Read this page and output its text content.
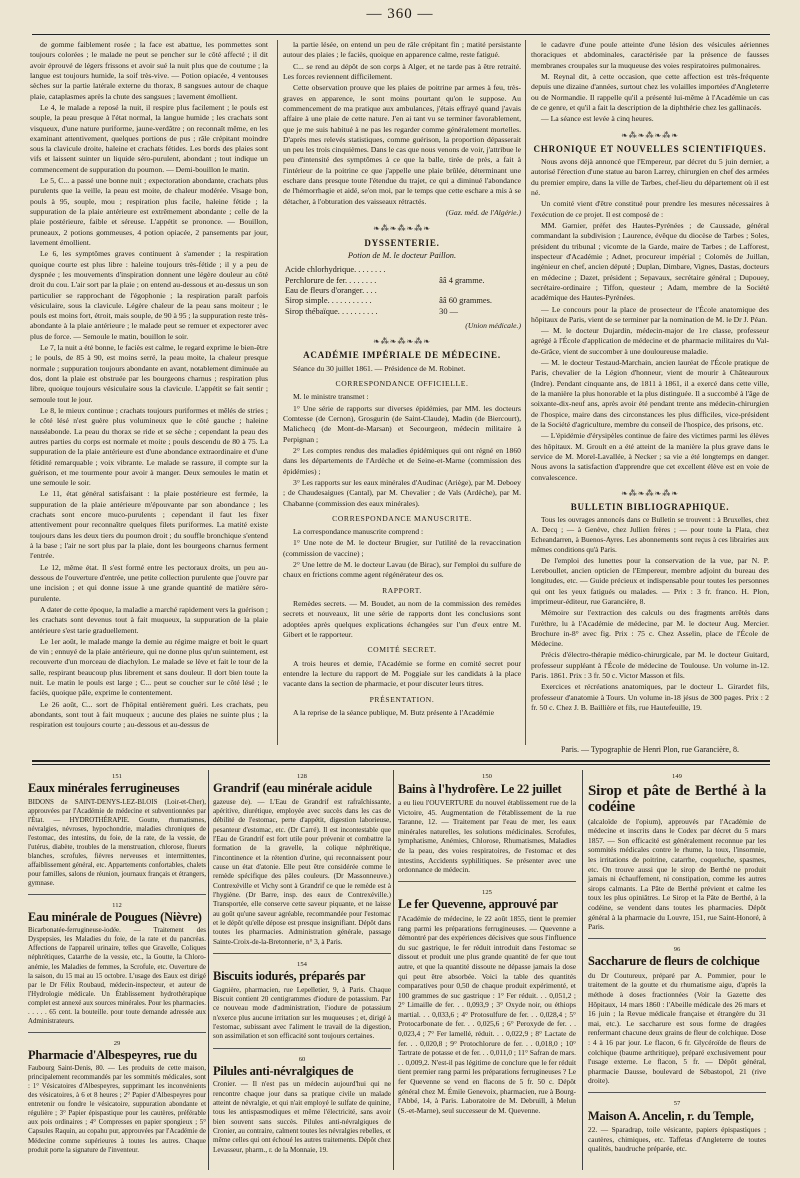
— 360 —

de gomme faiblement rosée ; la face est abattue, les pommettes sont toujours colorées ; le malade ne peut se pencher sur le côté affecté ; il dit avoir éprouvé de légers frissons et avoir sué la nuit plus que de coutume ; la langue est toujours humide, la soif très-vive. — Potion opiacée, 4 ventouses sèches sur la partie latérale externe du thorax, 8 sangsues autour de chaque plaie, cataplasmes après la chute des sangsues ; lavement émollient.

Le 4, le malade a reposé la nuit, il respire plus facilement ; le pouls est souple, la peau presque à l'état normal, la langue humide ; les crachats sont visqueux, d'une nature puriforme, jaune-verdâtre ; on reconnaît même, en les examinant attentivement, quelques portions de pus ; râle crépitant moindre sous la clavicule droite, haleine et crachats fétides. Les bords des plaies sont vifs et laissent suinter un liquide séro-purulent, abondant ; tout indique un commencement de suppuration du poumon. — Demi-bouillon le matin.

Le 5, C... a passé une bonne nuit ; expectoration abondante, crachats plus purulents que la veille, la peau est moite, de chaleur modérée. Visage bon, pouls à 95, souple, mou ; respiration plus facile, haleine fétide ; la suppuration de la plaie antérieure est extrêmement abondante ; celle de la plaie postérieure, faible et séreuse. L'appétit se prononce. — Bouillon, pruneaux, 2 potions gommeuses, 4 potion opiacée, 2 pansements par jour, lavement émollient.

Le 6, les symptômes graves continuent à s'amender ; la respiration quoique courte est plus libre : haleine toujours très-fétide ; il y a peu de dyspnée ; les mouvements d'inspiration donnent une légère douleur au côté droit du cou. L'air sort par la plaie ; on entend au-dessous et au-dessus un son particulier se rapprochant de l'égophonie ; la respiration paraît parfois vésiculaire, sous la clavicule. Légère chaleur de la peau sans moiteur ; le pouls est moins fort, étroit, mais souple, de 90 à 95 ; la suppuration reste très-abondante à la plaie antérieure ; le malade peut se remuer et expectorer avec plus de force. — Semoule le matin, bouillon le soir.

Le 7, la nuit a été bonne, le faciès est calme, le regard exprime le bien-être ; le pouls, de 85 à 90, est moins serré, la peau moite, la chaleur presque normale ; suppuration toujours abondante en avant, notablement diminuée au dos, dont la plaie est obstruée par les bourgeons charnus ; respiration plus libre, quoique toujours vésiculaire sous la clavicule. L'appétit se fait sentir ; semoule tout le jour.

Le 8, le mieux continue ; crachats toujours puriformes et mêlés de stries ; le côté lésé n'est guère plus volumineux que le côté gauche ; haleine nauséabonde. La peau du thorax se ride et se sèche ; cependant la peau des autres parties du corps est normale et moite ; pouls descendu de 80 à 75. La suppuration de la plaie antérieure est d'une abondance extraordinaire et d'une fétidité remarquable ; voix vibrante. Le malade se rassure, il compte sur la guérison, et me tourmente pour avoir à manger. Deux semoules le matin et une semoule le soir.

Le 11, état général satisfaisant : la plaie postérieure est fermée, la suppuration de la plaie antérieure m'épouvante par son abondance ; les crachats sont encore muco-purulents ; cependant il faut les fixer attentivement pour reconnaître quelques filets puriformes. La matité existe toujours dans les deux tiers du poumon droit ; du souffle bronchique s'entend à la base ; l'air ne sort plus par la plaie, dont les bourgeons charnus ferment l'entrée.

Le 12, même état. Il s'est formé entre les pectoraux droits, un peu au-dessous de l'ouverture d'entrée, une petite collection purulente que j'ouvre par une incision ; et qui donne issue à une grande quantité de matière séro-purulente.

A dater de cette époque, la maladie a marché rapidement vers la guérison ; les crachats sont devenus tout à fait muqueux, la suppuration de la plaie antérieure s'est tarie graduellement.

Le 1er août, le malade mange la demie au régime maigre et boit le quart de vin ; ennuyé de la plaie antérieure, qui ne donne plus qu'un suintement, est recouverte d'un morceau de diachylon. Le malade se lève et fait le tour de la salle, respirant beaucoup plus librement et sans douleur. Il dort bien toute la nuit. Le matin le pouls est large ; C... peut se coucher sur le côté lésé ; le faciès, quoique pâle, exprime le contentement.

Le 26 août, C... sort de l'hôpital entièrement guéri. Les crachats, peu abondants, sont tout à fait muqueux ; aucune des plaies ne suinte plus ; la respiration est toujours courte ; au-dessous et au-dessus de

la partie lésée, on entend un peu de râle crépitant fin ; matité persistante autour des plaies ; le faciès, quoique en apparence calme, reste fatigué.

C... se rend au dépôt de son corps à Alger, et ne tarde pas à être retraité. Les forces reviennent difficilement.

Cette observation prouve que les plaies de poitrine par armes à feu, très-graves en apparence, le sont moins pourtant qu'on le suppose. Au commencement de ma pratique aux ambulances, j'étais effrayé quand j'avais affaire à une plaie de cette nature. J'en ai tant vu se terminer favorablement, que je me suis habitué à ne pas les regarder comme généralement mortelles. D'après mes relevés statistiques, comme guérison, la proportion dépasserait un peu les trois cinquièmes. Dans le cas que nous venons de voir, j'attribue le peu d'intensité des symptômes à ce que la balle, tirée de près, a fait à l'intérieur de la poitrine ce que j'appelle une plaie brûlée, déterminant une eschare dans presque toute l'étendue du trajet, ce qui a diminué l'abondance de l'hémorrhagie et aidé, se'on moi, par le temps que cette eschare a mis à se détacher, à l'obturation des vaisseaux rétractés.

(Gaz. méd. de l'Algérie.)

❧⁂❧⁂❧⁂❧
DYSSENTERIE.
Potion de M. le docteur Paillon.
Acide chlorhydrique. . . . . . . .	
Perchlorure de fer. . . . . . . .	ââ 4 gramme.
Eau de fleurs d'oranger. . . .	
Sirop simple. . . . . . . . . . .	ââ 60 grammes.
Sirop thébaïque. . . . . . . . . .	30 —

(Union médicale.)

❧⁂❧⁂❧⁂❧
ACADÉMIE IMPÉRIALE DE MÉDECINE.

Séance du 30 juillet 1861. — Présidence de M. Robinet.

CORRESPONDANCE OFFICIELLE.

M. le ministre transmet :

1° Une série de rapports sur diverses épidémies, par MM. les docteurs Comtesse (de Cernon), Grosgurin (de Saint-Claude), Madin (de Biercourt), Malichecq (de Mont-de-Marsan) et Secourgeon, médecin militaire à Perpignan ;

2° Les comptes rendus des maladies épidémiques qui ont régné en 1860 dans les départements de l'Ardèche et de Seine-et-Marne (commission des épidémies) ;

3° Les rapports sur les eaux minérales d'Audinac (Ariège), par M. Deboey ; de Chaudesaigues (Cantal), par M. Chevalier ; de Vals (Ardèche), par M. Chabanne (commission des eaux minérales).

CORRESPONDANCE MANUSCRITE.

La correspondance manuscrite comprend :

1° Une note de M. le docteur Brugier, sur l'utilité de la revaccination (commission de vaccine) ;

2° Une lettre de M. le docteur Lavau (de Birac), sur l'emploi du sulfure de chaux en frictions comme agent régénérateur des os.

RAPPORT.

Remèdes secrets. — M. Boudet, au nom de la commission des remèdes secrets et nouveaux, lit une série de rapports dont les conclusions sont adoptées après quelques explications échangées sur l'un d'eux entre M. Gibert et le rapporteur.

COMITÉ SECRET.

A trois heures et demie, l'Académie se forme en comité secret pour entendre la lecture du rapport de M. Poggiale sur les candidats à la place vacante dans la section de pharmacie, et pour discuter leurs titres.

PRÉSENTATION.

A la reprise de la séance publique, M. Butz présente à l'Académie

le cadavre d'une poule atteinte d'une lésion des vésicules aériennes thoraciques et abdominales, caractérisée par la présence de fausses membranes croupales sur la muqueuse des voies respiratoires pulmonaires.

M. Reynal dit, à cette occasion, que cette affection est très-fréquente depuis une dizaine d'années, surtout chez les volailles importées d'Angleterre ou de Normandie. Il rappelle qu'il a présenté lui-même à l'Académie un cas de ce genre, et qu'il a fait la description de la diphthérie chez les gallinacés.

— La séance est levée à cinq heures.

❧⁂❧⁂❧⁂❧
CHRONIQUE ET NOUVELLES SCIENTIFIQUES.

Nous avons déjà annoncé que l'Empereur, par décret du 5 juin dernier, a autorisé l'érection d'une statue au baron Larrey, chirurgien en chef des armées du premier empire, dans la ville de Tarbes, chef-lieu du département où il est né.

Un comité vient d'être constitué pour prendre les mesures nécessaires à l'exécution de ce projet. Il est composé de :

MM. Garnier, préfet des Hautes-Pyrénées ; de Caussade, général commandant la subdivision ; Laurence, évêque du diocèse de Tarbes ; Soles, président du tribunal ; vicomte de la Garde, maire de Tarbes ; de Lafforest, inspecteur d'Académie ; Adnet, procureur impérial ; Colomès de Juillan, ingénieur en chef, ancien député ; Duplan, Dimbare, Vignes, Dastas, docteurs en médecine ; Dazet, président ; Sepavaux, secrétaire général ; Dupouey, secrétaire-ordinaire ; Tiffon, questeur ; Adam, membre de la Société académique des Hautes-Pyrénées.

— Le concours pour la place de prosecteur de l'École anatomique des hôpitaux de Paris, vient de se terminer par la nomination de M. le Dr J. Péan.

— M. le docteur Dujardin, médecin-major de 1re classe, professeur agrégé à l'École d'application de médecine et de pharmacie militaires du Val-de-Grâce, vient de succomber à une douloureuse maladie.

— M. le docteur Testaud-Marchain, ancien lauréat de l'École pratique de Paris, chevalier de la Légion d'honneur, vient de mourir à Châteauroux (Indre). Pendant cinquante ans, de 1811 à 1861, il a exercé dans cette ville, de la manière la plus honorable et la plus distinguée. Il a succombé à l'âge de soixante-dix-neuf ans, après avoir été pendant trente ans médecin-chirurgien de l'hospice, maire dans des circonstances les plus difficiles, vice-président de la Société d'agriculture, membre du conseil de l'hospice, des prisons, etc.

— L'épidémie d'érysipèles continue de faire des victimes parmi les élèves des hôpitaux. M. Groult en a été atteint de la manière la plus grave dans le service de M. Morel-Lavallée, à Necker ; sa vie a été longtemps en danger. Nous avons la satisfaction d'apprendre que cet excellent élève est en voie de convalescence.

❧⁂❧⁂❧⁂❧
BULLETIN BIBLIOGRAPHIQUE.

Tous les ouvrages annoncés dans ce Bulletin se trouvent : à Bruxelles, chez A. Decq ; — à Genève, chez Jullien frères ; — pour toute la Plata, chez Echeandarren, à Buenos-Ayres. Les abonnements sont reçus à ces librairies aux mêmes conditions qu'à Paris.

De l'emploi des lunettes pour la conservation de la vue, par N. P. Lereboullet, ancien opticien de l'Empereur, membre adjoint du bureau des longitudes, etc. — Guide précieux et indispensable pour toutes les personnes qui ont les yeux fatigués ou malades. — Prix : 3 fr. franco. H. Plon, imprimeur-éditeur, rue Garancière, 8.

Mémoire sur l'extraction des calculs ou des fragments arrêtés dans l'urèthre, lu à l'Académie de médecine, par M. le docteur Aug. Mercier. Brochure in-8° avec fig. Prix : 75 c. Chez Asselin, place de l'École de Médecine.

Précis d'électro-thérapie médico-chirurgicale, par M. le docteur Guitard, professeur suppléant à l'École de médecine de Toulouse. Un volume in-12. Paris. 1861. Prix : 3 fr. 50 c. Victor Masson et fils.

Exercices et récréations anatomiques, par le docteur L. Girardet fils, professeur d'anatomie à Tours. Un volume in-18 jésus de 300 pages. Prix : 2 fr. 50 c. Chez J. B. Baillière et fils, rue Hautefeuille, 19.

Paris. — Typographie de Henri Plon, rue Garancière, 8.
151
Eaux minérales ferrugineuses

BIDONS de SAINT-DENYS-LEZ-BLOIS (Loir-et-Cher), approuvées par l'Académie de médecine et subventionnées par l'État. — HYDROTHÉRAPIE. Goutte, rhumatismes, névralgies, névroses, hypochondrie, maladies chroniques de l'estomac, des intestins, du foie, de la rate, de la vessie, de l'utérus, diabète, troubles de la menstruation, chlorose, flueurs blanches, scrofules, fièvres nerveuses et intermittentes, affaiblissement général, etc. Appartements confortables, chalets pour familles, salons de réunion, journaux français et étrangers, gymnase.

112
Eau minérale de Pougues (Nièvre)

Bicarbonatée-ferrugineuse-iodée. — Traitement des Dyspepsies, les Maladies du foie, de la rate et du pancréas. Affections de l'appareil urinaire, telles que Gravelle, Coliques néphrétiques, Catarrhe de la vessie, etc., la Goutte, la Chloro-anémie, les Maladies de femmes, la Scrofule, etc. Ouverture de la saison, du 15 mai au 15 octobre. L'usage des Eaux est dirigé par le Dr Félix Roubaud, médecin-inspecteur, et auteur de l'Hydrologie médicale. Un Établissement hydrothérapique complet est annexé aux sources minérales. Pour les pharmacies. . . . . . 65 cent. la bouteille. pour toute demande adressée aux Administrateurs.

29
Pharmacie d'Albespeyres, rue du

Faubourg Saint-Denis, 80. — Les produits de cette maison, principalement recommandés par les sommités médicales, sont : 1° Vésicatoires d'Albespeyres, supprimant les inconvénients des vésicatoires, à 6 et 8 heures ; 2° Papier d'Albespeyres pour entretenir ou fondre le vésicatoire, suppuration abondante et régulière ; 3° Papier épispastique pour les cautères, préférable aux pois ordinaires ; 4° Compresses en papier spongieux ; 5° Capsules Raquin, au copahu pur, approuvées par l'Académie de Médecine comme supérieures à toutes les autres. Chaque produit porte la signature de l'inventeur.

128
Grandrif (eau minérale acidule

gazeuse de). — L'Eau de Grandrif est rafraîchissante, apéritive, diurétique, employée avec succès dans les cas de débilité de l'estomac, perte d'appétit, digestion laborieuse, pesanteur d'estomac, etc. (Dr Carré). Il est incontestable que l'Eau de Grandrif est fort utile pour prévenir et combattre la formation de la gravelle, la colique néphrétique, l'incontinence et la rétention d'urine, qui reconnaissent pour cause un état d'atonie. Elle peut être considérée comme le remède spécifique des pâles couleurs. (Dr Massonneuve.) Contrexéville et Vichy sont à Grandrif ce que le remède est à l'hygiène. (Dr Barre, insp. des eaux de Contrexéville.) Transportée, elle conserve cette saveur piquante, et ne laisse au goût qu'une saveur agréable, recommandée pour l'estomac et le dépôt qu'elle dépose est presque insignifiant. Dépôt dans toutes les pharmacies. Administration générale, passage Sainte-Croix-de-la-Bretonnerie, n° 3, à Paris.

154
Biscuits iodurés, préparés par

Gagnière, pharmacien, rue Lepelletier, 9, à Paris. Chaque Biscuit contient 20 centigrammes d'iodure de potassium. Par ce nouveau mode d'administration, l'iodure de potassium n'exerce plus aucune irritation sur les muqueuses ; et, dirigé à l'estomac, subissant avec l'aliment le travail de la digestion, son assimilation et son efficacité sont toujours certaines.

60
Pilules anti-névralgiques de

Cronier. — Il n'est pas un médecin aujourd'hui qui ne rencontre chaque jour dans sa pratique civile un malade atteint de névralgie, et qui n'ait employé le sulfate de quinine, tous les antispasmodiques et même l'électricité, sans avoir bien souvent sans succès. Pilules anti-névralgiques de Cronier, au contraire, calment toutes les névralgies rebelles, et même celles qui ont échoué les autres traitements. Dépôt chez Levasseur, pharm., r. de la Monnaie, 19.

150
Bains à l'hydrofère. Le 22 juillet

a eu lieu l'OUVERTURE du nouvel établissement rue de la Victoire, 45. Augmentation de l'établissement de la rue Taranne, 12. — Traitement par l'eau de mer, les eaux minérales naturelles, les solutions médicinales. Scrofules, lymphatisme, Anémies, Chlorose, Rhumatismes, Maladies de la peau, des voies respiratoires, de l'estomac et des intestins, Accidents syphilitiques. Se présenter avec une ordonnance de médecin.

125
Le fer Quevenne, approuvé par

l'Académie de médecine, le 22 août 1855, tient le premier rang parmi les préparations ferrugineuses. — Quevenne a démontré par des expériences décisives que sous l'influence du suc gastrique, le fer réduit introduit dans l'estomac se dissout et produit une plus grande quantité de fer que tout autre, et que la quantité dissoute ne dépasse jamais la dose qui peut être absorbée. Voici la table des quantités comparatives pour 0,50 de chaque produit expérimenté, et 100 grammes de suc gastrique : 1° Fer réduit. . . 0,051,2 ; 2° Limaille de fer. . . 0,093,9 ; 3° Oxyde noir, ou éthiops martial. . . 0,033,6 ; 4° Protosulfure de fer. . . 0,028,4 ; 5° Protocarbonate de fer. . . 0,025,6 ; 6° Peroxyde de fer. . . 0,023,4 ; 7° Fer lamellé, réduit. . . 0,022,9 ; 8° Lactate de fer. . . 0,020,8 ; 9° Protochlorure de fer. . . 0,018,0 ; 10° Tartrate de potasse et de fer. . . 0,011,0 ; 11° Safran de mars. . . 0,009,2. N'est-il pas légitime de conclure que le fer réduit tient premier rang parmi les préparations ferrugineuses ? Le fer Quevenne se vend en flacons de 5 fr. 50 c. Dépôt général chez M. Émile Genevoix, pharmacien, rue à Bourg-l'Abbé, 14, à Paris. Laboratoire de M. Debruill, à Melun (S.-et-Marne), seul successeur de M. Quevenne.

149
Sirop et pâte de Berthé à la codéine

(alcaloïde de l'opium), approuvés par l'Académie de médecine et inscrits dans le Codex par décret du 5 mars 1857. — Son efficacité est généralement reconnue par les sommités médicales contre le rhume, la toux, l'insomnie, les irritations de poitrine, catarrhe, coqueluche, spasmes, etc. On trouve aussi que le sirop de Berthé ne produit jamais ni échauffement, ni constipation, comme les autres sirops calmants. La Pâte de Berthé prévient et calme les toux les plus opiniâtres. Le Sirop et la Pâte de Berthé, à la codéine, se vendent dans toutes les pharmacies. Dépôt général à la pharmacie du Louvre, 151, rue Saint-Honoré, à Paris.

96
Saccharure de fleurs de colchique

du Dr Coutureux, préparé par A. Pommier, pour le traitement de la goutte et du rhumatisme aigu, d'après la méthode à doses fractionnées (Voir la Gazette des Hôpitaux, 14 mars 1860 : l'Abeille médicale des 26 mars et 16 juin ; la Revue médicale française et étrangère du 31 mai, etc.). Le saccharure est sous forme de dragées renfermant chacune deux grains de fleur de colchique. Dose : 4 à 16 par jour. Le flacon, 6 fr. Glycéroïde de fleurs de colchique (baume arthritique), préparé exclusivement pour l'usage externe. Le flacon, 5 fr. — Dépôt général, pharmacie Dausse, boulevard de Sébastopol, 21 (rive droite).

57
Maison A. Ancelin, r. du Temple,

22. — Sparadrap, toile vésicante, papiers épispastiques ; cautères, chimiques, etc. Taffetas d'Angleterre de toutes qualités, baudruche préparée, etc.
